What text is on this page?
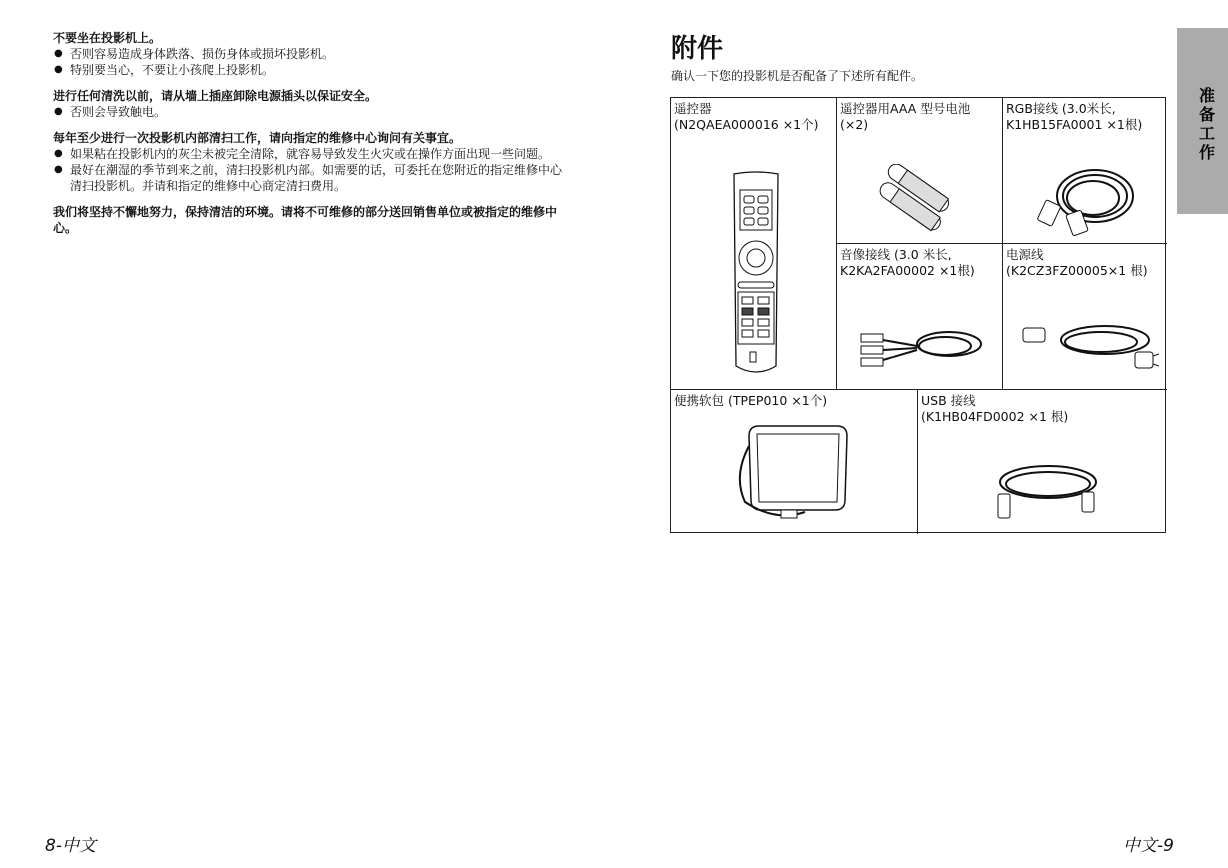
不要坐在投影机上。

● 否则容易造成身体跌落、损伤身体或损坏投影机。
● 特别要当心，不要让小孩爬上投影机。

进行任何清洗以前，请从墙上插座卸除电源插头以保证安全。

● 否则会导致触电。

每年至少进行一次投影机内部清扫工作，请向指定的维修中心询问有关事宜。

● 如果粘在投影机内的灰尘未被完全清除，就容易导致发生火灾或在操作方面出现一些问题。
● 最好在潮湿的季节到来之前，清扫投影机内部。如需要的话，可委托在您附近的指定维修中心清扫投影机。并请和指定的维修中心商定清扫费用。

我们将坚持不懈地努力，保持清洁的环境。请将不可维修的部分送回销售单位或被指定的维修中心。

8-中文
附件
确认一下您的投影机是否配备了下述所有配件。
遥控器
(N2QAEA000016 ×1个)
遥控器用AAA 型号电池
(×2)
RGB接线 (3.0米长,
K1HB15FA0001 ×1根)
音像接线 (3.0 米长,
K2KA2FA00002 ×1根)
电源线
(K2CZ3FZ00005×1 根)
便携软包 (TPEP010 ×1个)	USB 接线
(K1HB04FD0002 ×1 根)
准备工作
中文-9
